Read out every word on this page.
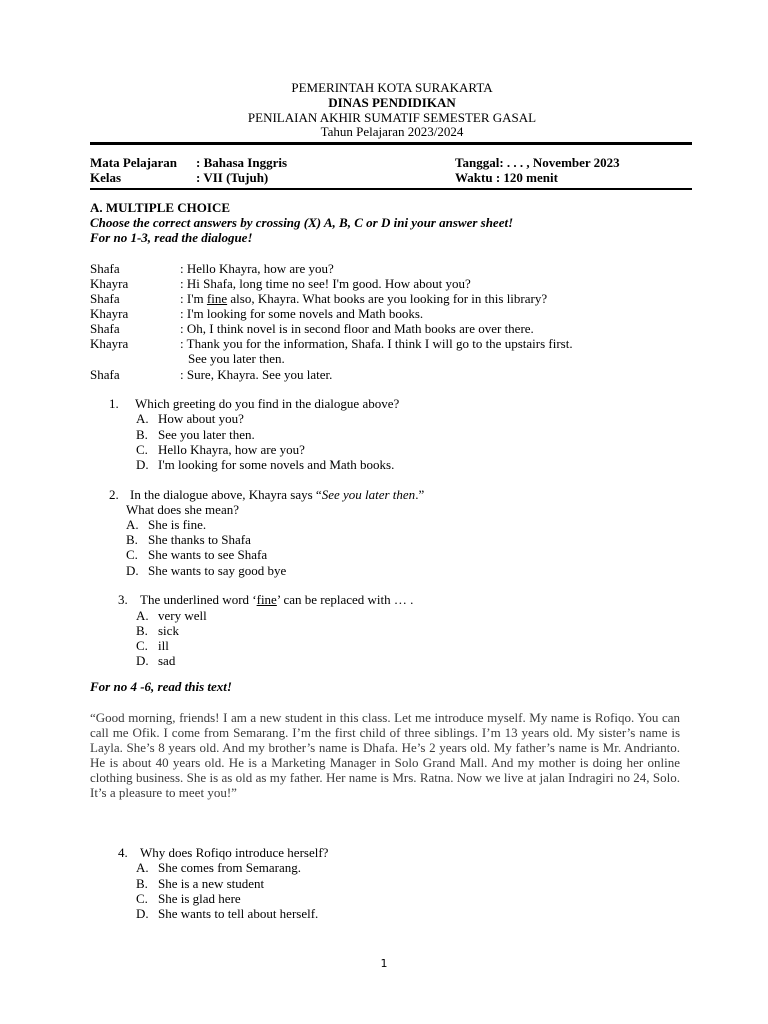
PEMERINTAH KOTA SURAKARTA
DINAS PENDIDIKAN
PENILAIAN AKHIR SUMATIF SEMESTER GASAL
Tahun Pelajaran 2023/2024
Mata Pelajaran : Bahasa Inggris
Kelas	: VII (Tujuh)
Tanggal: . . . , November 2023
Waktu : 120 menit
A. MULTIPLE CHOICE
Choose the correct answers by crossing (X) A, B, C or D ini your answer sheet!
For no 1-3, read the dialogue!
Shafa	: Hello Khayra, how are you?
Khayra	: Hi Shafa, long time no see! I'm good. How about you?
Shafa	: I'm fine also, Khayra. What books are you looking for in this library?
Khayra	: I'm looking for some novels and Math books.
Shafa	: Oh, I think novel is in second floor and Math books are over there.
Khayra	: Thank you for the information, Shafa. I think I will go to the upstairs first.
See you later then.
Shafa	: Sure, Khayra. See you later.
1. Which greeting do you find in the dialogue above?
A. How about you?
B. See you later then.
C. Hello Khayra, how are you?
D. I'm looking for some novels and Math books.
2. In the dialogue above, Khayra says “See you later then.”
What does she mean?
A. She is fine.
B. She thanks to Shafa
C. She wants to see Shafa
D. She wants to say good bye
3. The underlined word ‘fine’ can be replaced with … .
A. very well
B. sick
C. ill
D. sad
For no 4 -6, read this text!
“Good morning, friends! I am a new student in this class. Let me introduce myself. My name is Rofiqo. You can call me Ofik. I come from Semarang. I’m the first child of three siblings. I’m 13 years old. My sister’s name is Layla. She’s 8 years old. And my brother’s name is Dhafa. He’s 2 years old. My father’s name is Mr. Andrianto. He is about 40 years old. He is a Marketing Manager in Solo Grand Mall. And my mother is doing her online clothing business. She is as old as my father. Her name is Mrs. Ratna. Now we live at jalan Indragiri no 24, Solo. It’s a pleasure to meet you!”
4. Why does Rofiqo introduce herself?
A. She comes from Semarang.
B. She is a new student
C. She is glad here
D. She wants to tell about herself.
1
